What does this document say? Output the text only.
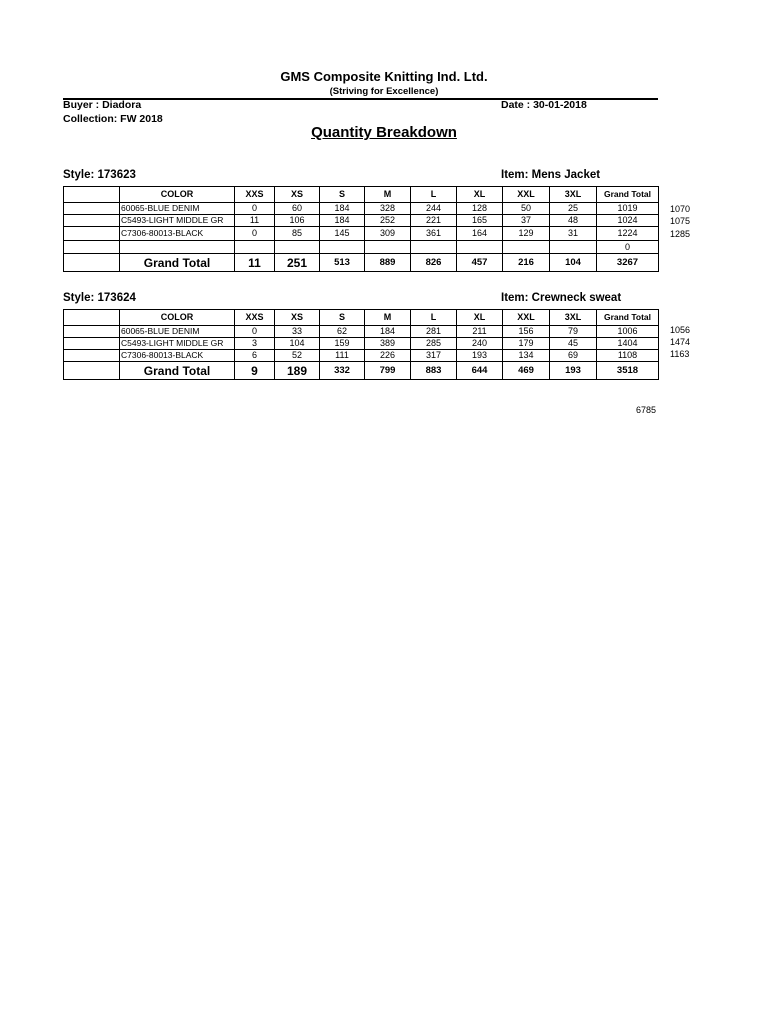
GMS Composite Knitting Ind. Ltd.
(Striving for Excellence)
Buyer : Diadora
Collection: FW 2018
Date : 30-01-2018
Quantity Breakdown
Style: 173623	Item: Mens Jacket
	COLOR	XXS	XS	S	M	L	XL	XXL	3XL	Grand Total
	60065-BLUE DENIM	0	60	184	328	244	128	50	25	1019
	C5493-LIGHT MIDDLE GR	11	106	184	252	221	165	37	48	1024
	C7306-80013-BLACK	0	85	145	309	361	164	129	31	1224
										0
	Grand Total	11	251	513	889	826	457	216	104	3267
1070
1075
1285
Style: 173624	Item: Crewneck sweat
	COLOR	XXS	XS	S	M	L	XL	XXL	3XL	Grand Total
	60065-BLUE DENIM	0	33	62	184	281	211	156	79	1006
	C5493-LIGHT MIDDLE GR	3	104	159	389	285	240	179	45	1404
	C7306-80013-BLACK	6	52	111	226	317	193	134	69	1108
	Grand Total	9	189	332	799	883	644	469	193	3518
1056
1474
1163
6785
